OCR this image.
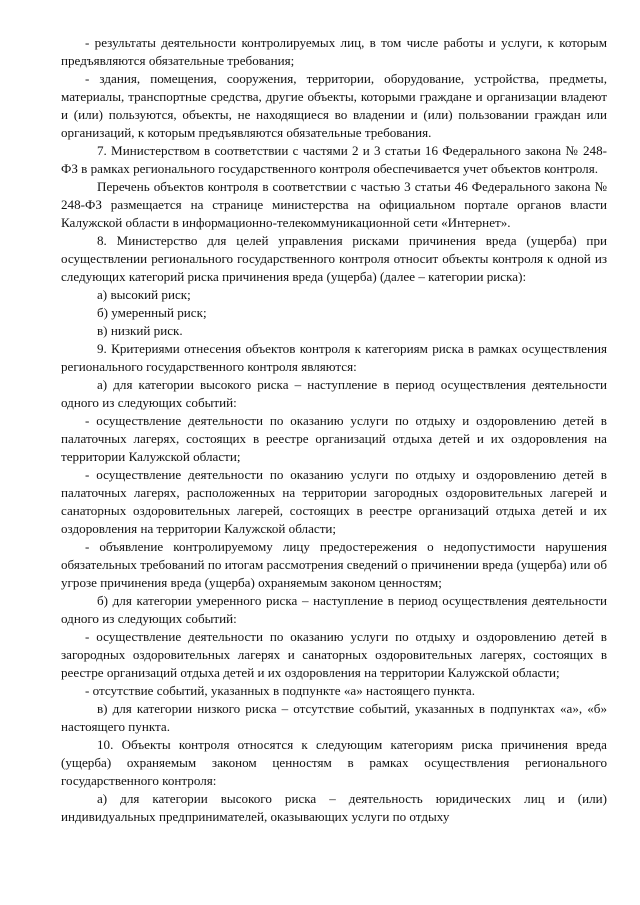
- результаты деятельности контролируемых лиц, в том числе работы и услуги, к которым предъявляются обязательные требования;

- здания, помещения, сооружения, территории, оборудование, устройства, предметы, материалы, транспортные средства, другие объекты, которыми граждане и организации владеют и (или) пользуются, объекты, не находящиеся во владении и (или) пользовании граждан или организаций, к которым предъявляются обязательные требования.

7. Министерством в соответствии с частями 2 и 3 статьи 16 Федерального закона № 248-ФЗ в рамках регионального государственного контроля обеспечивается учет объектов контроля.

Перечень объектов контроля в соответствии с частью 3 статьи 46 Федерального закона № 248-ФЗ размещается на странице министерства на официальном портале органов власти Калужской области в информационно-телекоммуникационной сети «Интернет».

8. Министерство для целей управления рисками причинения вреда (ущерба) при осуществлении регионального государственного контроля относит объекты контроля к одной из следующих категорий риска причинения вреда (ущерба) (далее – категории риска):

а) высокий риск;

б) умеренный риск;

в) низкий риск.

9. Критериями отнесения объектов контроля к категориям риска в рамках осуществления регионального государственного контроля являются:

а) для категории высокого риска – наступление в период осуществления деятельности одного из следующих событий:

- осуществление деятельности по оказанию услуги по отдыху и оздоровлению детей в палаточных лагерях, состоящих в реестре организаций отдыха детей и их оздоровления на территории Калужской области;

- осуществление деятельности по оказанию услуги по отдыху и оздоровлению детей в палаточных лагерях, расположенных на территории загородных оздоровительных лагерей и санаторных оздоровительных лагерей, состоящих в реестре организаций отдыха детей и их оздоровления на территории Калужской области;

- объявление контролируемому лицу предостережения о недопустимости нарушения обязательных требований по итогам рассмотрения сведений о причинении вреда (ущерба) или об угрозе причинения вреда (ущерба) охраняемым законом ценностям;

б) для категории умеренного риска – наступление в период осуществления деятельности одного из следующих событий:

- осуществление деятельности по оказанию услуги по отдыху и оздоровлению детей в загородных оздоровительных лагерях и санаторных оздоровительных лагерях, состоящих в реестре организаций отдыха детей и их оздоровления на территории Калужской области;

- отсутствие событий, указанных в подпункте «а» настоящего пункта.

в) для категории низкого риска – отсутствие событий, указанных в подпунктах «а», «б» настоящего пункта.

10. Объекты контроля относятся к следующим категориям риска причинения вреда (ущерба) охраняемым законом ценностям в рамках осуществления регионального государственного контроля:

а) для категории высокого риска – деятельность юридических лиц и (или) индивидуальных предпринимателей, оказывающих услуги по отдыху
